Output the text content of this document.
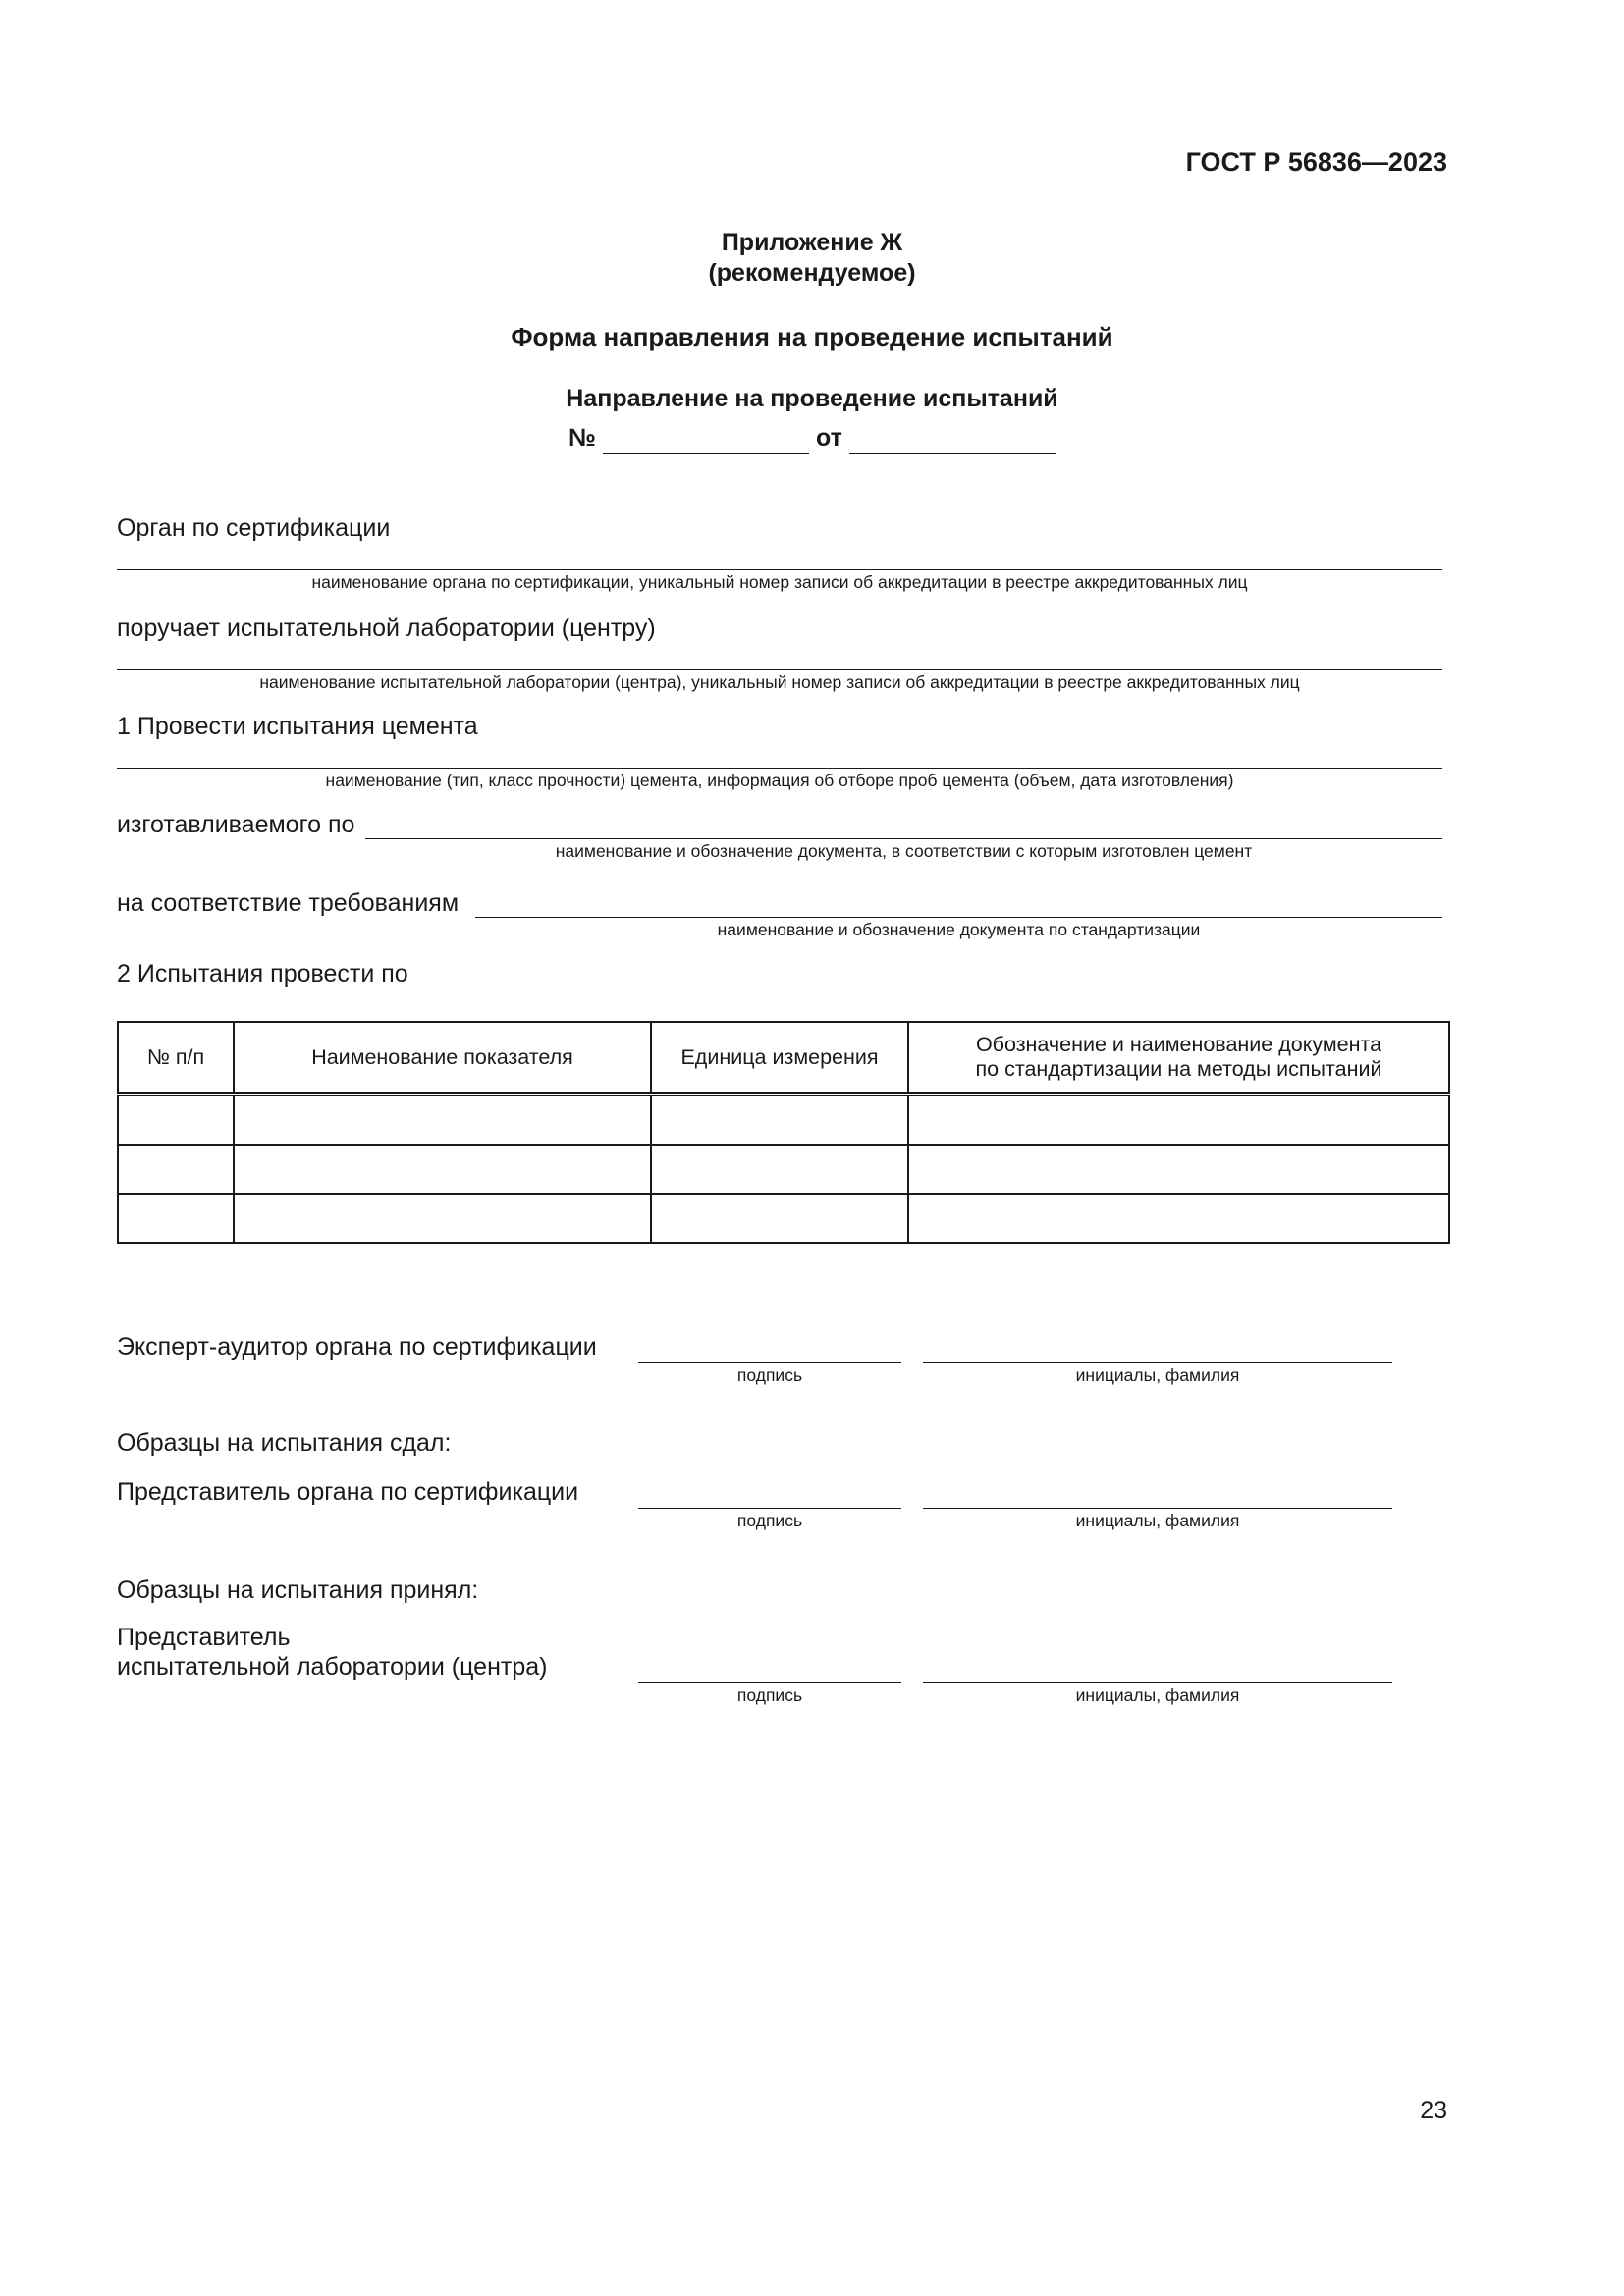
ГОСТ Р 56836—2023
Приложение Ж
(рекомендуемое)
Форма направления на проведение испытаний
Направление на проведение испытаний
№	от
Орган по сертификации
наименование органа по сертификации, уникальный номер записи об аккредитации в реестре аккредитованных лиц
поручает испытательной лаборатории (центру)
наименование испытательной лаборатории (центра), уникальный номер записи об аккредитации в реестре аккредитованных лиц
1 Провести испытания цемента
наименование (тип, класс прочности) цемента, информация об отборе проб цемента (объем, дата изготовления)
изготавливаемого по
наименование и обозначение документа, в соответствии с которым изготовлен цемент
на соответствие требованиям
наименование и обозначение документа по стандартизации
2 Испытания провести по
№ п/п	Наименование показателя	Единица измерения	Обозначение и наименование документа
по стандартизации на методы испытаний

Эксперт-аудитор органа по сертификации
подпись	инициалы, фамилия
Образцы на испытания сдал:
Представитель органа по сертификации
подпись	инициалы, фамилия
Образцы на испытания принял:
Представитель
испытательной лаборатории (центра)
подпись	инициалы, фамилия
23
